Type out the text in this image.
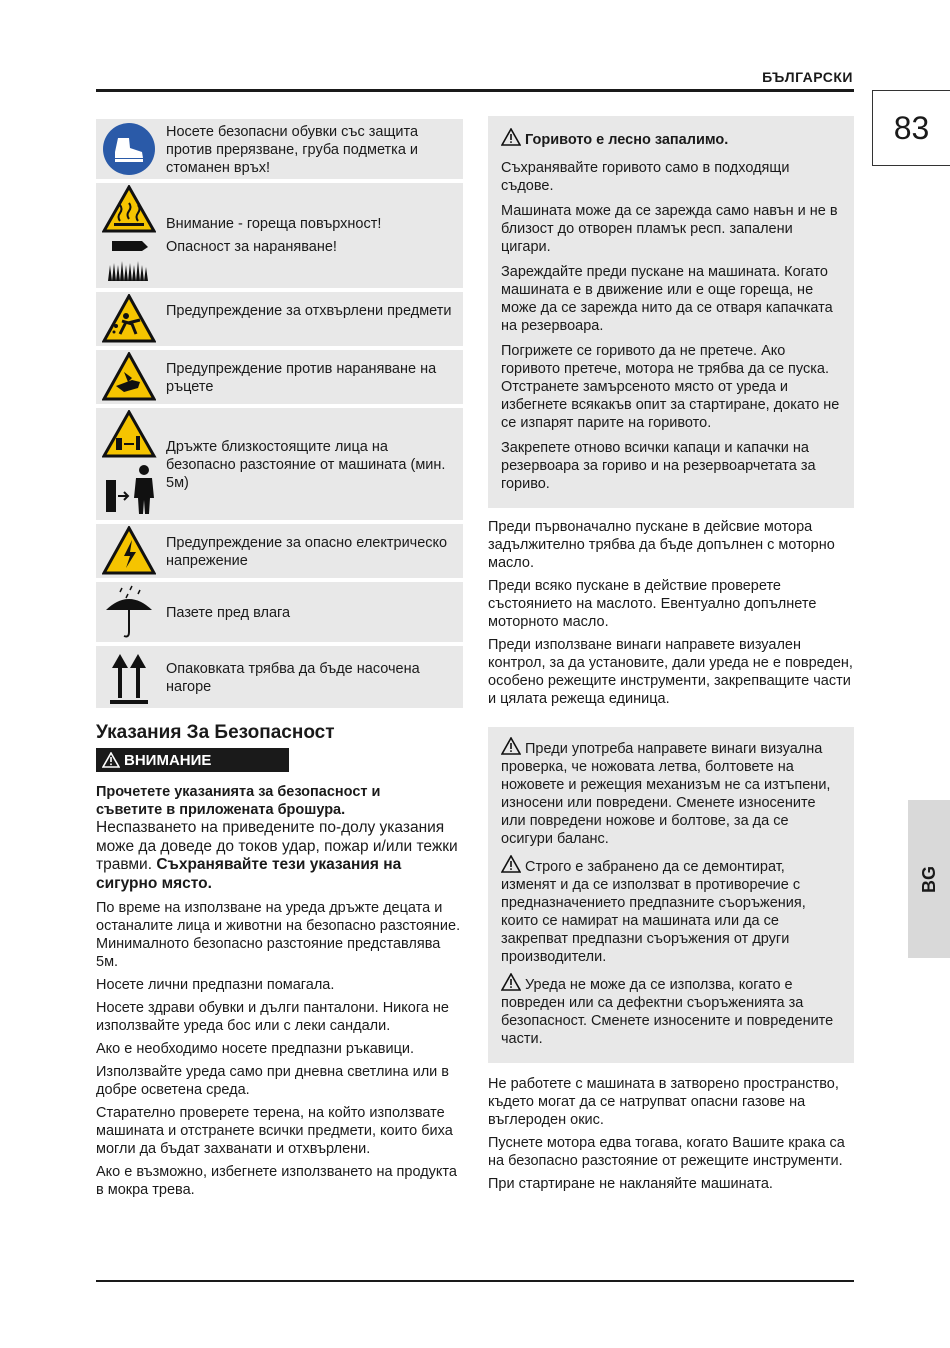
БЪЛГАРСКИ
83
BG
Носете безопасни обувки със защита против прерязване, груба подметка и стоманен връх!
Внимание - гореща повърхност!
Опасност за нараняване!
Предупреждение за отхвърлени предмети
Предупреждение против нараняване на ръцете
Дръжте близкостоящите лица на безопасно разстояние от машината (мин. 5м)
Предупреждение за опасно електрическо напрежение
Пазете пред влага
Опаковката трябва да бъде насочена нагоре
Указания За Безопасност
ВНИМАНИЕ
Прочетете указанията за безопасност и съветите в приложената брошура.
Неспазването на приведените по-долу указания може да доведе до токов удар, пожар и/или тежки травми. Съхранявайте тези указания на сигурно място.
По време на използване на уреда дръжте децата и останалите лица и животни на безопасно разстояние. Минималното безопасно разстояние представлява 5м.
Носете лични предпазни помагала.
Носете здрави обувки и дълги панталони. Никога не използвайте уреда бос или с леки сандали.
Ако е необходимо носете предпазни ръкавици.
Използвайте уреда само при дневна светлина или в добре осветена среда.
Старателно проверете терена, на който използвате машината и отстранете всички предмети, които биха могли да бъдат захванати и отхвърлени.
Ако е възможно, избегнете използването на продукта в мокра трева.
Горивото е лесно запалимо.
Съхранявайте горивото само в подходящи съдове.
Машината може да се зарежда само навън и не в близост до отворен пламък респ. запалени цигари.
Зареждайте преди пускане на машината. Когато машината е в движение или е още гореща, не може да се зарежда нито да се отваря капачката на резервоара.
Погрижете се горивото да не претече. Ако горивото претече, мотора не трябва да се пуска. Отстранете замърсеното място от уреда и избегнете всякакъв опит за стартиране, докато не се изпарят парите на горивото.
Закрепете отново всички капаци и капачки на резервоара за гориво и на резервоарчетата за гориво.
Преди първоначално пускане в дейсвие мотора задължително трябва да бъде допълнен с моторно масло.
Преди всяко пускане в действие проверете състоянието на маслото. Евентуално допълнете моторното масло.
Преди използване винаги направете визуален контрол, за да установите, дали уреда не е повреден, особено режещите инструменти, закрепващите части и цялата режеща единица.
Преди употреба направете винаги визуална проверка, че ножовата летва, болтовете на ножовете и режещия механизъм не са изтъпени, износени или повредени. Сменете износените или повредени ножове и болтове, за да се осигури баланс.
Строго е забранено да се демонтират, изменят и да се използват в противоречие с предназначението предпазните съоръжения, които се намират на машината или да се закрепват предпазни съоръжения от други производители.
Уреда не може да се използва, когато е повреден или са дефектни съоръженията за безопасност. Сменете износените и повредените части.
Не работете с машината в затворено пространство, където могат да се натрупват опасни газове на въглероден окис.
Пуснете мотора едва тогава, когато Вашите крака са на безопасно разстояние от режещите инструменти.
При стартиране не накланяйте машината.
